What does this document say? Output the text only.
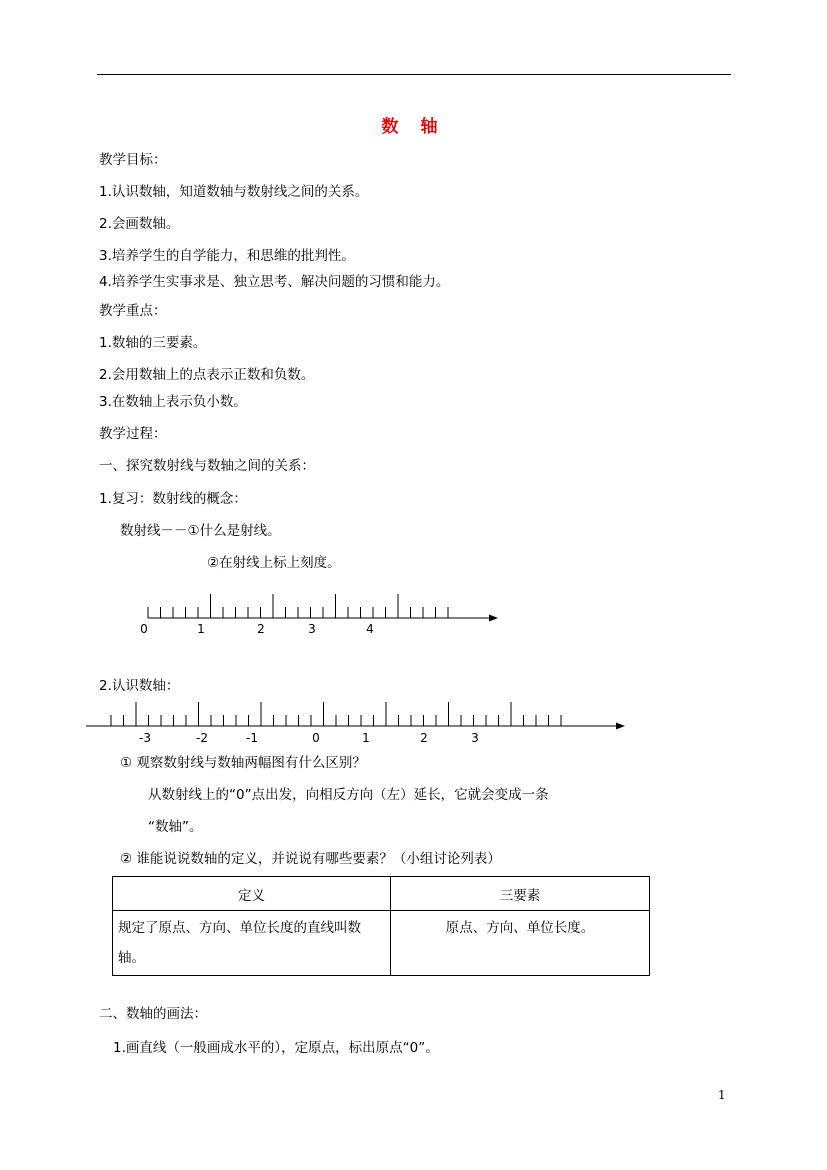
数 轴
教学目标：
1.认识数轴，知道数轴与数射线之间的关系。
2.会画数轴。
3.培养学生的自学能力，和思维的批判性。
4.培养学生实事求是、独立思考、解决问题的习惯和能力。
教学重点：
1.数轴的三要素。
2.会用数轴上的点表示正数和负数。
3.在数轴上表示负小数。
教学过程：
一、探究数射线与数轴之间的关系：
1.复习：数射线的概念：
数射线－－①什么是射线。
②在射线上标上刻度。
0	1	2	3	4
2.认识数轴：
-3	-2	-1	0	1	2	3
① 观察数射线与数轴两幅图有什么区别？
从数射线上的“0”点出发，向相反方向（左）延长，它就会变成一条
“数轴”。
② 谁能说说数轴的定义，并说说有哪些要素？（小组讨论列表）
定义	三要素
规定了原点、方向、单位长度的直线叫数轴。	原点、方向、单位长度。
二、数轴的画法：
1.画直线（一般画成水平的），定原点，标出原点“0”。
1
